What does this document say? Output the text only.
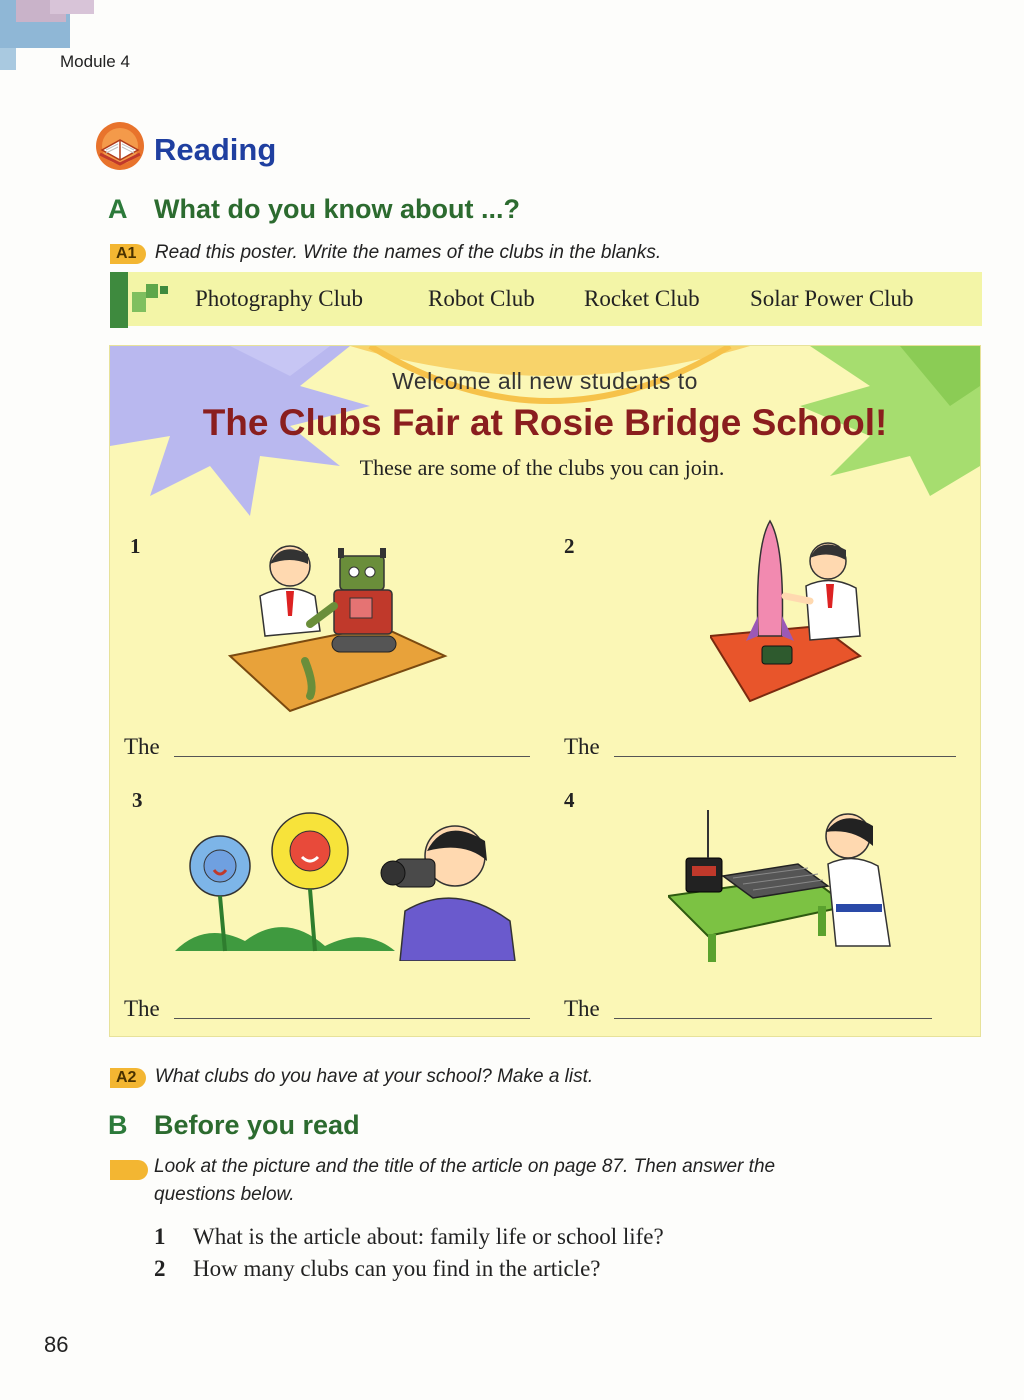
Module 4
Reading
A What do you know about ...?
A1 Read this poster. Write the names of the clubs in the blanks.
Photography Club	Robot Club Rocket Club Solar Power Club
Welcome all new students to
The Clubs Fair at Rosie Bridge School!
These are some of the clubs you can join.
1	2
3	4
The	The
The	The
A2 What clubs do you have at your school? Make a list.
B Before you read
Look at the picture and the title of the article on page 87. Then answer the
questions below.
1 What is the article about: family life or school life?
2 How many clubs can you find in the article?
86
